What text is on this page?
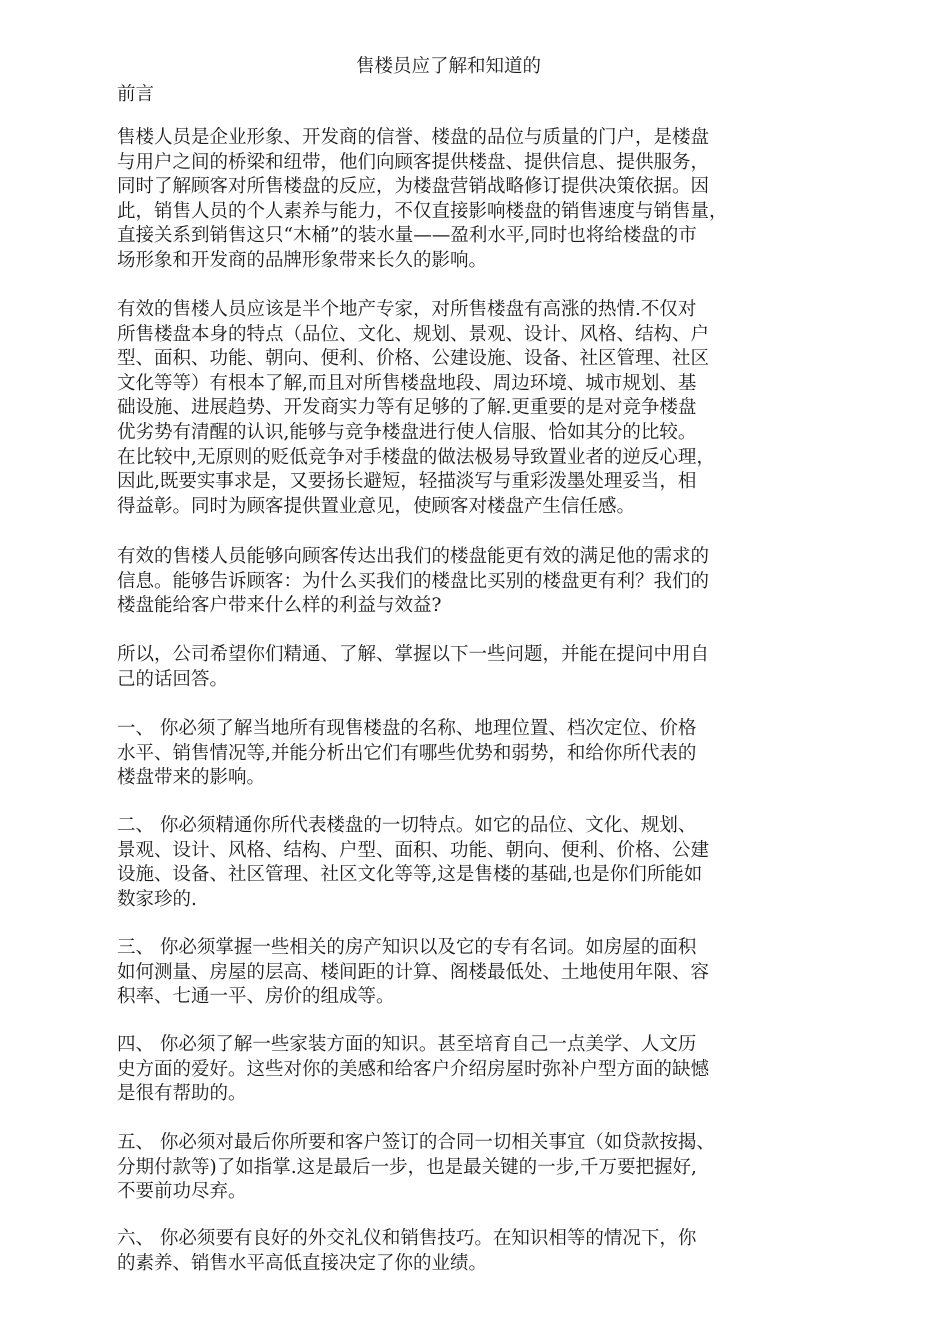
售楼员应了解和知道的
前言
售楼人员是企业形象、开发商的信誉、楼盘的品位与质量的门户，是楼盘
与用户之间的桥梁和纽带，他们向顾客提供楼盘、提供信息、提供服务，
同时了解顾客对所售楼盘的反应，为楼盘营销战略修订提供决策依据。因
此，销售人员的个人素养与能力，不仅直接影响楼盘的销售速度与销售量，
直接关系到销售这只“木桶”的装水量——盈利水平,同时也将给楼盘的市
场形象和开发商的品牌形象带来长久的影响。
有效的售楼人员应该是半个地产专家，对所售楼盘有高涨的热情.不仅对
所售楼盘本身的特点（品位、文化、规划、景观、设计、风格、结构、户
型、面积、功能、朝向、便利、价格、公建设施、设备、社区管理、社区
文化等等）有根本了解,而且对所售楼盘地段、周边环境、城市规划、基
础设施、进展趋势、开发商实力等有足够的了解.更重要的是对竞争楼盘
优劣势有清醒的认识,能够与竞争楼盘进行使人信服、恰如其分的比较。
在比较中,无原则的贬低竞争对手楼盘的做法极易导致置业者的逆反心理，
因此,既要实事求是，又要扬长避短，轻描淡写与重彩泼墨处理妥当，相
得益彰。同时为顾客提供置业意见，使顾客对楼盘产生信任感。
有效的售楼人员能够向顾客传达出我们的楼盘能更有效的满足他的需求的
信息。能够告诉顾客：为什么买我们的楼盘比买别的楼盘更有利？我们的
楼盘能给客户带来什么样的利益与效益?
所以，公司希望你们精通、了解、掌握以下一些问题，并能在提问中用自
己的话回答。
一、 你必须了解当地所有现售楼盘的名称、地理位置、档次定位、价格
水平、销售情况等,并能分析出它们有哪些优势和弱势，和给你所代表的
楼盘带来的影响。
二、 你必须精通你所代表楼盘的一切特点。如它的品位、文化、规划、
景观、设计、风格、结构、户型、面积、功能、朝向、便利、价格、公建
设施、设备、社区管理、社区文化等等,这是售楼的基础,也是你们所能如
数家珍的.
三、 你必须掌握一些相关的房产知识以及它的专有名词。如房屋的面积
如何测量、房屋的层高、楼间距的计算、阁楼最低处、土地使用年限、容
积率、七通一平、房价的组成等。
四、 你必须了解一些家装方面的知识。甚至培育自己一点美学、人文历
史方面的爱好。这些对你的美感和给客户介绍房屋时弥补户型方面的缺憾
是很有帮助的。
五、 你必须对最后你所要和客户签订的合同一切相关事宜（如贷款按揭、
分期付款等)了如指掌.这是最后一步，也是最关键的一步,千万要把握好,
不要前功尽弃。
六、 你必须要有良好的外交礼仪和销售技巧。在知识相等的情况下，你
的素养、销售水平高低直接决定了你的业绩。
